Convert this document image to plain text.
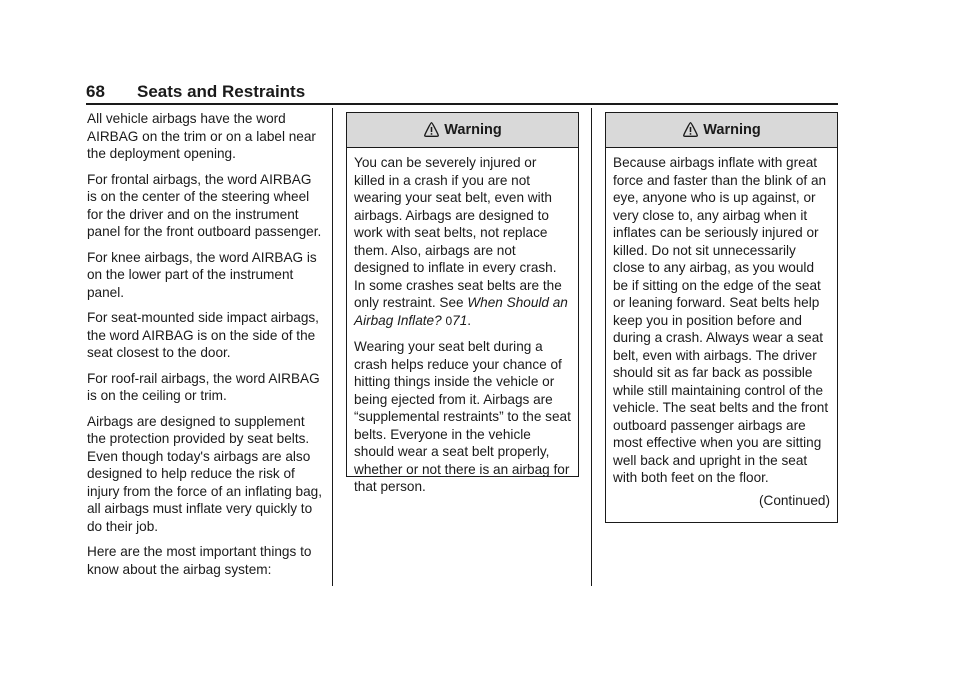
68 Seats and Restraints

All vehicle airbags have the word AIRBAG on the trim or on a label near the deployment opening.

For frontal airbags, the word AIRBAG is on the center of the steering wheel for the driver and on the instrument panel for the front outboard passenger.

For knee airbags, the word AIRBAG is on the lower part of the instrument panel.

For seat-mounted side impact airbags, the word AIRBAG is on the side of the seat closest to the door.

For roof-rail airbags, the word AIRBAG is on the ceiling or trim.

Airbags are designed to supplement the protection provided by seat belts. Even though today's airbags are also designed to help reduce the risk of injury from the force of an inflating bag, all airbags must inflate very quickly to do their job.

Here are the most important things to know about the airbag system:

Warning

You can be severely injured or killed in a crash if you are not wearing your seat belt, even with airbags. Airbags are designed to work with seat belts, not replace them. Also, airbags are not designed to inflate in every crash. In some crashes seat belts are the only restraint. See When Should an Airbag Inflate? 071.

Wearing your seat belt during a crash helps reduce your chance of hitting things inside the vehicle or being ejected from it. Airbags are “supplemental restraints” to the seat belts. Everyone in the vehicle should wear a seat belt properly, whether or not there is an airbag for that person.

Warning

Because airbags inflate with great force and faster than the blink of an eye, anyone who is up against, or very close to, any airbag when it inflates can be seriously injured or killed. Do not sit unnecessarily close to any airbag, as you would be if sitting on the edge of the seat or leaning forward. Seat belts help keep you in position before and during a crash. Always wear a seat belt, even with airbags. The driver should sit as far back as possible while still maintaining control of the vehicle. The seat belts and the front outboard passenger airbags are most effective when you are sitting well back and upright in the seat with both feet on the floor.

(Continued)
